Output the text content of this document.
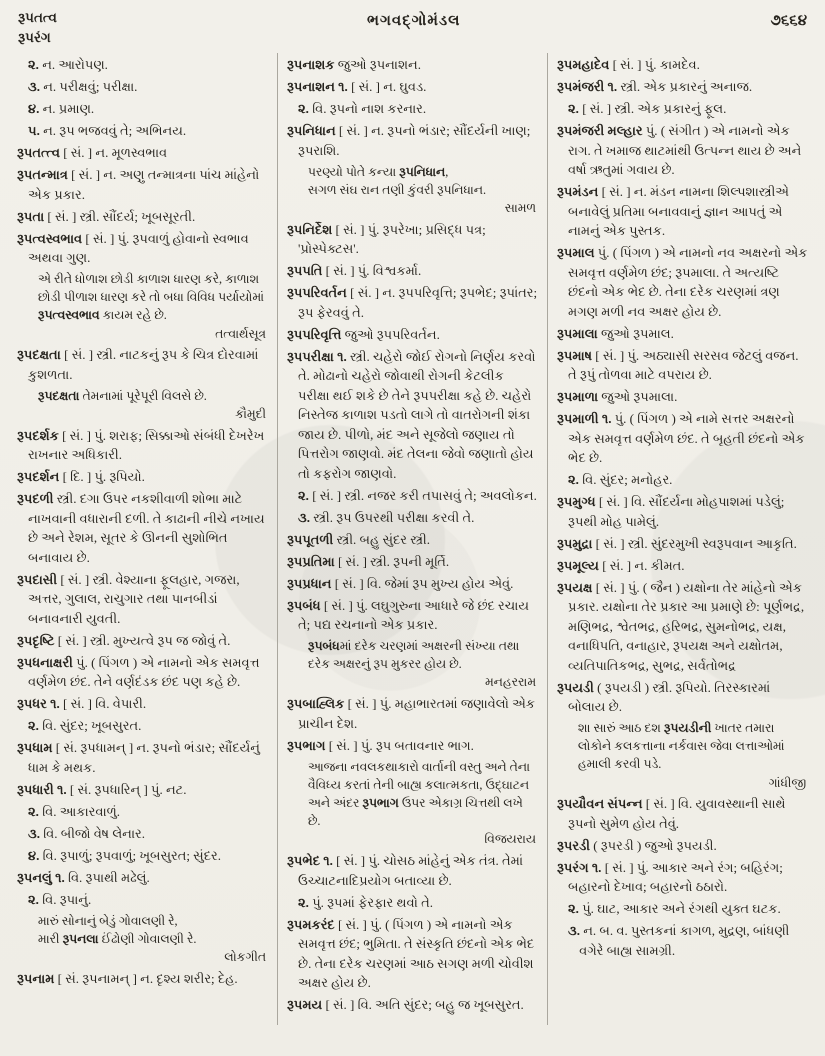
રૂપતત્વ
રૂપરંગ
ભગવદ્ગોમંડલ	૭૬૬૪
૨. ન. આરોપણ.
૩. ન. પરીક્ષવું; પરીક્ષા.
૪. ન. પ્રમાણ.
૫. ન. રૂપ ભજવવું તે; અભિનય.
રૂપતત્ત્વ [ સં. ] ન. મૂળસ્વભાવ
રૂપતન્માત્ર [ સં. ] ન. અણુ તન્માત્રના પાંચ માંહેનો એક પ્રકાર.
રૂપતા [ સં. ] સ્ત્રી. સૌંદર્ય; ખૂબસૂરતી.
રૂપત્વસ્વભાવ [ સં. ] પું. રૂપવાળું હોવાનો સ્વભાવ અથવા ગુણ.
એ રીતે ધોળાશ છોડી કાળાશ ધારણ કરે, કાળાશ છોડી પીળાશ ધારણ કરે તો બધા વિવિધ પર્યાયોમાં રૂપત્વસ્વભાવ કાયમ રહે છે.
તત્વાર્થસૂત્ર
રૂપદક્ષતા [ સં. ] સ્ત્રી. નાટકનું રૂપ કે ચિત્ર દોરવામાં કુશળતા.
રૂપદક્ષતા તેમનામાં પૂરેપૂરી વિલસે છે.
કૌમુદી
રૂપદર્શક [ સં. ] પું. શરાફ; સિક્કાઓ સંબંધી દેખરેખ રાખનાર અધિકારી.
રૂપદર્શન [ દિ. ] પું. રૂપિયો.
રૂપદળી સ્ત્રી. દગા ઉપર નકશીવાળી શોભા માટે નાખવાની વધારાની દળી. તે કાઢાની નીચે નખાય છે અને રેશમ, સૂતર કે ઊનની સુશોભિત બનાવાય છે.
રૂપદાસી [ સં. ] સ્ત્રી. વેશ્યાના ફૂલહાર, ગજરા, અત્તર, ગુલાલ, રાચુગાર તથા પાનબીડાં બનાવનારી યુવતી.
રૂપદૃષ્ટિ [ સં. ] સ્ત્રી. મુખ્યત્વે રૂપ જ જોવું તે.
રૂપધનાક્ષરી પું. ( પિંગળ ) એ નામનો એક સમવૃત્ત વર્ણમેળ છંદ. તેને વર્ણદંડક છંદ પણ કહે છે.
રૂપધર ૧. [ સં. ] વિ. વેપારી.
૨. વિ. સુંદર; ખૂબસુરત.
રૂપધામ [ સં. રૂપધામન્ ] ન. રૂપનો ભંડાર; સૌંદર્યનું ધામ કે મથક.
રૂપધારી ૧. [ સં. રૂપધારિન્ ] પું. નટ.
૨. વિ. આકારવાળું.
૩. વિ. બીજો વેષ લેનાર.
૪. વિ. રૂપાળું; રૂપવાળું; ખૂબસુરત; સુંદર.
રૂપનલું ૧. વિ. રૂપાથી મઢેલું.
૨. વિ. રૂપાનું.
મારું સોનાનું બેડું ગોવાલણી રે,
મારી રૂપનલા ઈંઢોણી ગોવાલણી રે.
લોકગીત
રૂપનામ [ સં. રૂપનામન્ ] ન. દૃશ્ય શરીર; દેહ.
રૂપનાશક જુઓ રૂપનાશન.
રૂપનાશન ૧. [ સં. ] ન. ઘુવડ.
૨. વિ. રૂપનો નાશ કરનાર.
રૂપનિધાન [ સં. ] ન. રૂપનો ભંડાર; સૌંદર્યની ખાણ; રૂપરાશિ.
પરણ્યો પોતે કન્યા રૂપનિધાન,
સગળ સંઘ રાન તણી કુંવરી રૂપનિધાન.
સામળ
રૂપનિર્દેશ [ સં. ] પું. રૂપરેખા; પ્રસિદ્ધ પત્ર; 'પ્રોસ્પેક્ટસ'.
રૂપપતિ [ સં. ] પું. વિશ્વકર્મા.
રૂપપરિવર્તન [ સં. ] ન. રૂપપરિવૃત્તિ; રૂપભેદ; રૂપાંતર; રૂપ ફેરવવું તે.
રૂપપરિવૃત્તિ જુઓ રૂપપરિવર્તન.
રૂપપરીક્ષા ૧. સ્ત્રી. ચહેરો જોઈ રોગનો નિર્ણય કરવો તે. મોઢાનો ચહેરો જોવાથી રોગની કેટલીક પરીક્ષા થઈ શકે છે તેને રૂપપરીક્ષા કહે છે. ચહેરો નિસ્તેજ કાળાશ પડતો લાગે તો વાતરોગની શંકા જાય છે. પીળો, મંદ અને સૂજેલો જણાય તો પિત્તરોગ જાણવો. મંદ તેલના જેવો જણાતો હોય તો કફરોગ જાણવો.
૨. [ સં. ] સ્ત્રી. નજર કરી તપાસવું તે; અવલોકન.
૩. સ્ત્રી. રૂપ ઉપરથી પરીક્ષા કરવી તે.
રૂપપૂતળી સ્ત્રી. બહુ સુંદર સ્ત્રી.
રૂપપ્રતિમા [ સં. ] સ્ત્રી. રૂપની મૂર્તિ.
રૂપપ્રધાન [ સં. ] વિ. જેમાં રૂપ મુખ્ય હોય એવું.
રૂપબંધ [ સં. ] પું. લઘુગુરુના આધારે જે છંદ રચાય તે; પદ્ય રચનાનો એક પ્રકાર.
રૂપબંધમાં દરેક ચરણમાં અક્ષરની સંખ્યા તથા દરેક અક્ષરનું રૂપ મુકરર હોય છે.
મનહરરામ
રૂપબાહ્લિક [ સં. ] પું. મહાભારતમાં જણાવેલો એક પ્રાચીન દેશ.
રૂપભાગ [ સં. ] પું. રૂપ બતાવનાર ભાગ.
આજના નવલકથાકારો વાર્તાની વસ્તુ અને તેના વૈવિધ્ય કરતાં તેની બાહ્ય કલાત્મકતા, ઉદ્ઘાટન અને અંદર રૂપભાગ ઉપર એકાગ્ર ચિત્તથી લખે છે.
વિજયરાય
રૂપભેદ ૧. [ સં. ] પું. ચોસઠ માંહેનું એક તંત્ર. તેમાં ઉચ્ચાટનાદિપ્રયોગ બતાવ્યા છે.
૨. પું. રૂપમાં ફેરફાર થવો તે.
રૂપમકરંદ [ સં. ] પું. ( પિંગળ ) એ નામનો એક સમવૃત્ત છંદ; ભુમિતા. તે સંસ્કૃતિ છંદનો એક ભેદ છે. તેના દરેક ચરણમાં આઠ સગણ મળી ચોવીશ અક્ષર હોય છે.
રૂપમય [ સં. ] વિ. અતિ સુંદર; બહુ જ ખૂબસુરત.
રૂપમહાદેવ [ સં. ] પું. કામદેવ.
રૂપમંજરી ૧. સ્ત્રી. એક પ્રકારનું અનાજ.
૨. [ સં. ] સ્ત્રી. એક પ્રકારનું ફૂલ.
રૂપમંજરી મલ્હાર પું. ( સંગીત ) એ નામનો એક રાગ. તે ખમાજ થાટમાંથી ઉત્પન્ન થાય છે અને વર્ષા ઋતુમાં ગવાય છે.
રૂપમંડન [ સં. ] ન. મંડન નામના શિલ્પશાસ્ત્રીએ બનાવેલું પ્રતિમા બનાવવાનું જ્ઞાન આપતું એ નામનું એક પુસ્તક.
રૂપમાલ પું. ( પિંગળ ) એ નામનો નવ અક્ષરનો એક સમવૃત્ત વર્ણમેળ છંદ; રૂપમાલા. તે અત્યષ્ટિ છંદનો એક ભેદ છે. તેના દરેક ચરણમાં ત્રણ મગણ મળી નવ અક્ષર હોય છે.
રૂપમાલા જુઓ રૂપમાલ.
રૂપમાષ [ સં. ] પું. અઠ્યાસી સરસવ જેટલું વજન. તે રૂપું તોળવા માટે વપરાય છે.
રૂપમાળા જુઓ રૂપમાલા.
રૂપમાળી ૧. પું. ( પિંગળ ) એ નામે સત્તર અક્ષરનો એક સમવૃત્ત વર્ણમેળ છંદ. તે બૃહતી છંદનો એક ભેદ છે.
૨. વિ. સુંદર; મનોહર.
રૂપમુગ્ધ [ સં. ] વિ. સૌંદર્યના મોહપાશમાં પડેલું; રૂપથી મોહ પામેલું.
રૂપમુદ્રા [ સં. ] સ્ત્રી. સુંદરમુખી સ્વરૂપવાન આકૃતિ.
રૂપમૂલ્ય [ સં. ] ન. કીમત.
રૂપયક્ષ [ સં. ] પું. ( જૈન ) યક્ષોના તેર માંહેનો એક પ્રકાર. યક્ષોના તેર પ્રકાર આ પ્રમાણે છે: પૂર્ણભદ્ર, મણિભદ્ર, શ્વેતભદ્ર, હરિભદ્ર, સુમનોભદ્ર, યક્ષ, વનાધિપતિ, વનાહાર, રૂપયક્ષ અને યક્ષોતમ, વ્યતિપાતિકભદ્ર, સુભદ્ર, સર્વતોભદ્ર
રૂપયડી ( રૂપયડી ) સ્ત્રી. રૂપિયો. તિરસ્કારમાં બોલાય છે.
શા સારું આઠ દશ રૂપયડીની ખાતર તમારા લોકોને કલકત્તાના નર્કવાસ જેવા લત્તાઓમાં હમાલી કરવી પડે.
ગાંધીજી
રૂપયૌવન સંપન્ન [ સં. ] વિ. યુવાવસ્થાની સાથે રૂપનો સુમેળ હોય તેવું.
રૂપરડી ( રૂપરડી ) જુઓ રૂપયડી.
રૂપરંગ ૧. [ સં. ] પું. આકાર અને રંગ; બહિરંગ; બહારનો દેખાવ; બહારનો ઠઠારો.
૨. પું. ઘાટ, આકાર અને રંગથી યુક્ત ઘટક.
૩. ન. બ. વ. પુસ્તકનાં કાગળ, મુદ્રણ, બાંધણી વગેરે બાહ્ય સામગ્રી.
